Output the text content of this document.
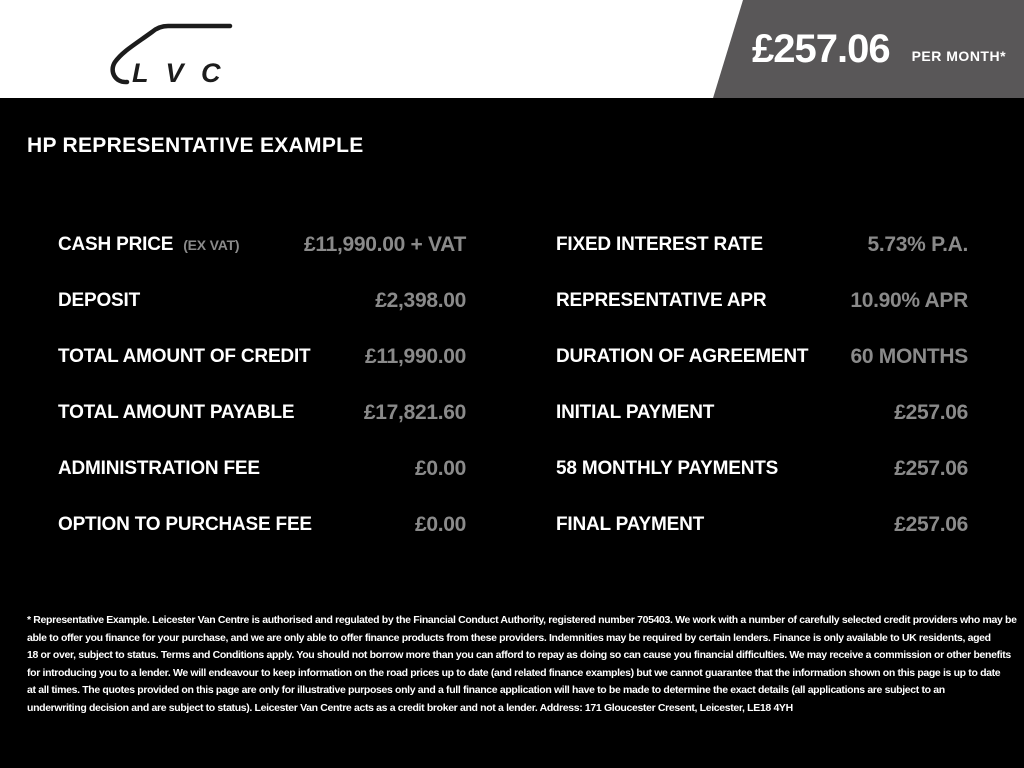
L V C
£257.06 PER MONTH*
HP REPRESENTATIVE EXAMPLE
CASH PRICE (EX VAT)	£11,990.00 + VAT	FIXED INTEREST RATE	5.73% P.A.
DEPOSIT	£2,398.00	REPRESENTATIVE APR	10.90% APR
TOTAL AMOUNT OF CREDIT	£11,990.00	DURATION OF AGREEMENT 60 MONTHS
TOTAL AMOUNT PAYABLE	£17,821.60	INITIAL PAYMENT	£257.06
ADMINISTRATION FEE	£0.00	58 MONTHLY PAYMENTS	£257.06
OPTION TO PURCHASE FEE	£0.00	FINAL PAYMENT	£257.06
* Representative Example. Leicester Van Centre is authorised and regulated by the Financial Conduct Authority, registered number 705403. We work with a number of carefully selected credit providers who may be
able to offer you finance for your purchase, and we are only able to offer finance products from these providers. Indemnities may be required by certain lenders. Finance is only available to UK residents, aged
18 or over, subject to status. Terms and Conditions apply. You should not borrow more than you can afford to repay as doing so can cause you financial difficulties. We may receive a commission or other benefits
for introducing you to a lender. We will endeavour to keep information on the road prices up to date (and related finance examples) but we cannot guarantee that the information shown on this page is up to date
at all times. The quotes provided on this page are only for illustrative purposes only and a full finance application will have to be made to determine the exact details (all applications are subject to an
underwriting decision and are subject to status). Leicester Van Centre acts as a credit broker and not a lender. Address: 171 Gloucester Cresent, Leicester, LE18 4YH
